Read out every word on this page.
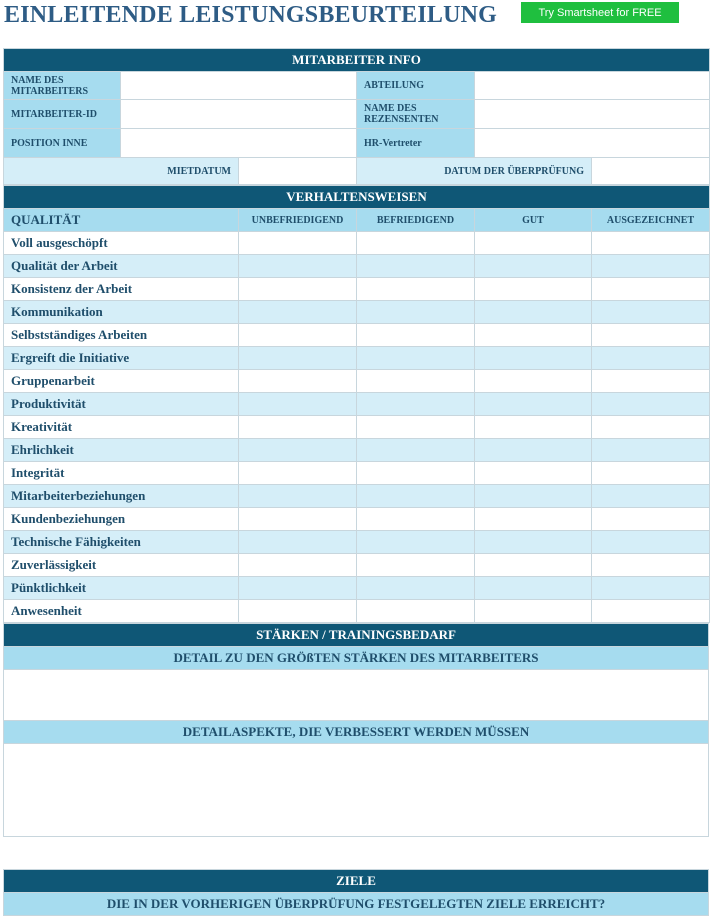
EINLEITENDE LEISTUNGSBEURTEILUNG	Try Smartsheet for FREE
MITARBEITER INFO					
NAME DES MITARBEITERS			ABTEILUNG		
MITARBEITER-ID			NAME DES REZENSENTEN		
POSITION INNE			HR-Vertreter		
MIETDATUM			DATUM DER ÜBERPRÜFUNG		
VERHALTENSWEISEN				
QUALITÄT	UNBEFRIEDIGEND	BEFRIEDIGEND	GUT	AUSGEZEICHNET
Voll ausgeschöpft				
Qualität der Arbeit				
Konsistenz der Arbeit				
Kommunikation				
Selbstständiges Arbeiten				
Ergreift die Initiative				
Gruppenarbeit				
Produktivität				
Kreativität				
Ehrlichkeit				
Integrität				
Mitarbeiterbeziehungen				
Kundenbeziehungen				
Technische Fähigkeiten				
Zuverlässigkeit				
Pünktlichkeit				
Anwesenheit				
STÄRKEN / TRAININGSBEDARF
DETAIL ZU DEN GRÖßTEN STÄRKEN DES MITARBEITERS

DETAILASPEKTE, DIE VERBESSERT WERDEN MÜSSEN

ZIELE
DIE IN DER VORHERIGEN ÜBERPRÜFUNG FESTGELEGTEN ZIELE ERREICHT?
